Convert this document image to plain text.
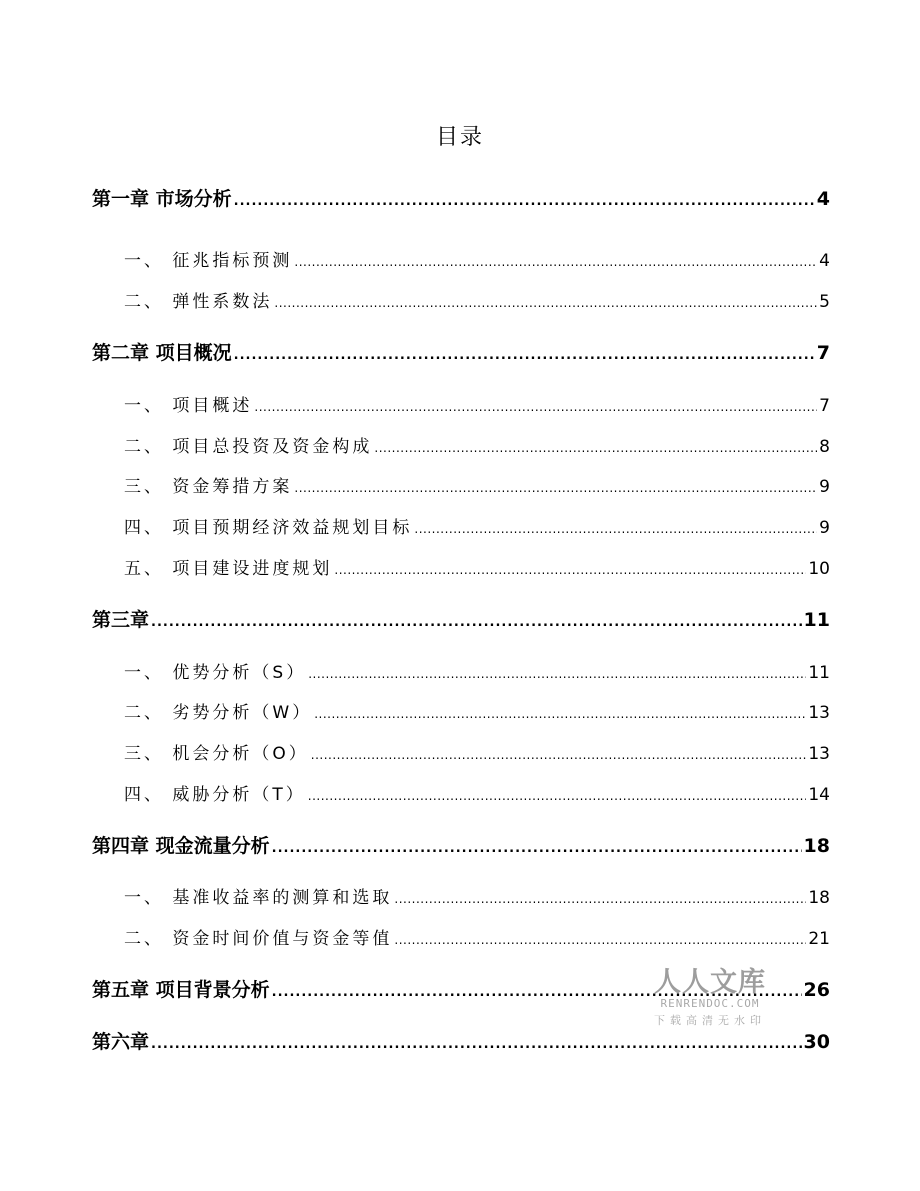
目录
第一章 市场分析 .....	4
一、 征兆指标预测 .....	4
二、 弹性系数法 .....	5
第二章 项目概况 .....	7
一、 项目概述 .....	7
二、 项目总投资及资金构成 .....	8
三、 资金筹措方案 .....	9
四、 项目预期经济效益规划目标 .....	9
五、 项目建设进度规划 .....	10
第三章 .....	11
一、 优势分析（S） .....	11
二、 劣势分析（W） .....	13
三、 机会分析（O） .....	13
四、 威胁分析（T） .....	14
第四章 现金流量分析 .....	18
一、 基准收益率的测算和选取 .....	18
二、 资金时间价值与资金等值 .....	21
第五章 项目背景分析 .....	26
第六章 .....	30
人人文库
RENRENDOC.COM
下载高清无水印
